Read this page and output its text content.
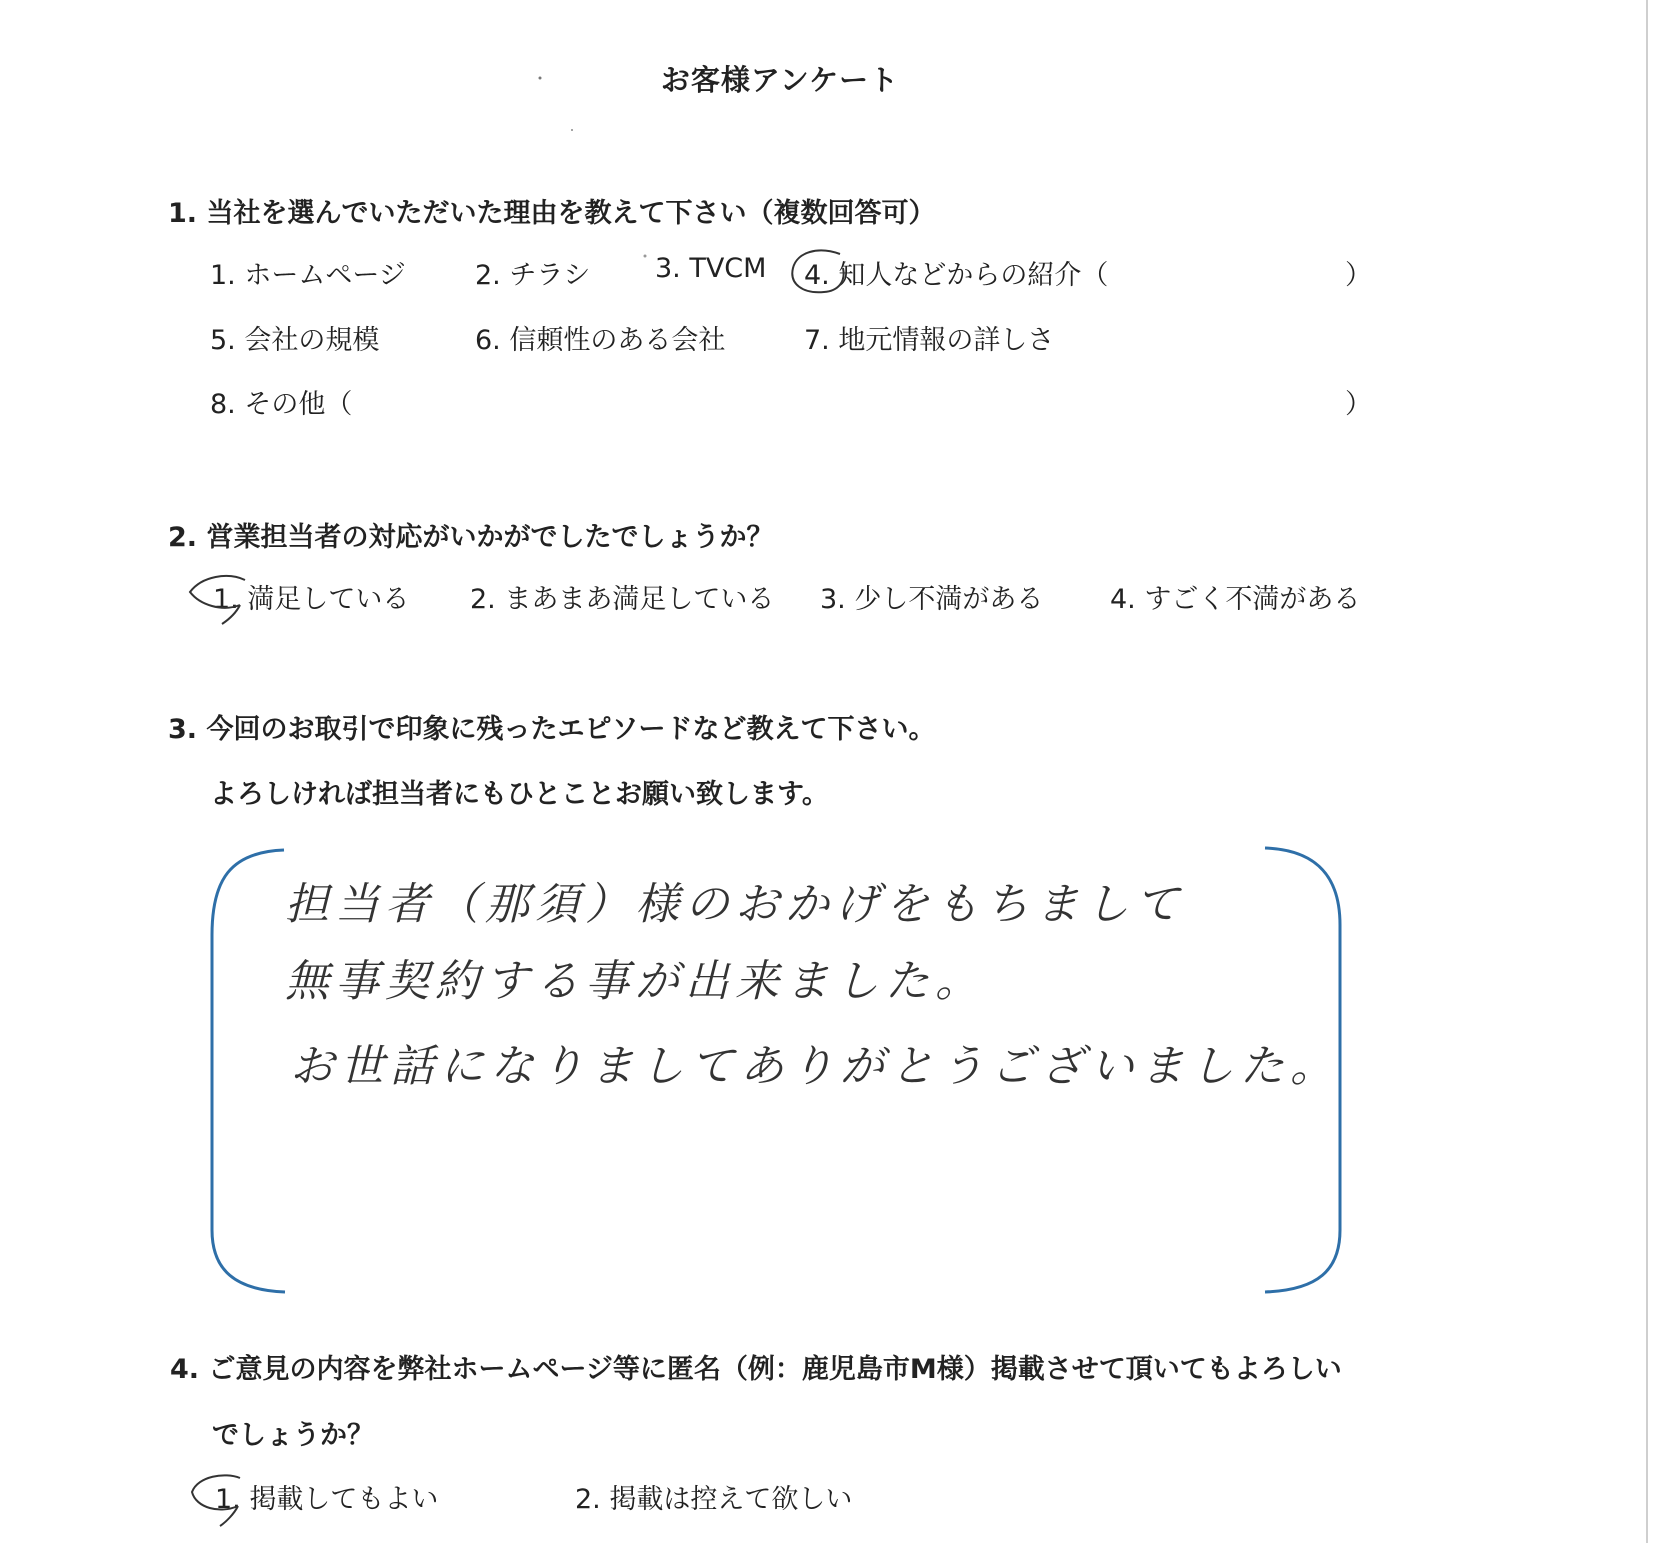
お客様アンケート
1. 当社を選んでいただいた理由を教えて下さい（複数回答可）
1. ホームページ	2. チラシ 3. TVCM 4. 知人などからの紹介（	）
5. 会社の規模	6. 信頼性のある会社	7. 地元情報の詳しさ
8. その他（	）
2. 営業担当者の対応がいかがでしたでしょうか？
1. 満足している 2. まあまあ満足している 3. 少し不満がある 4. すごく不満がある
3. 今回のお取引で印象に残ったエピソードなど教えて下さい。
よろしければ担当者にもひとことお願い致します。
担当者（那須）様のおかげをもちまして
無事契約する事が出来ました。
お世話になりましてありがとうございました。
4. ご意見の内容を弊社ホームページ等に匿名（例：鹿児島市M様）掲載させて頂いてもよろしい
でしょうか？
1. 掲載してもよい	2. 掲載は控えて欲しい
